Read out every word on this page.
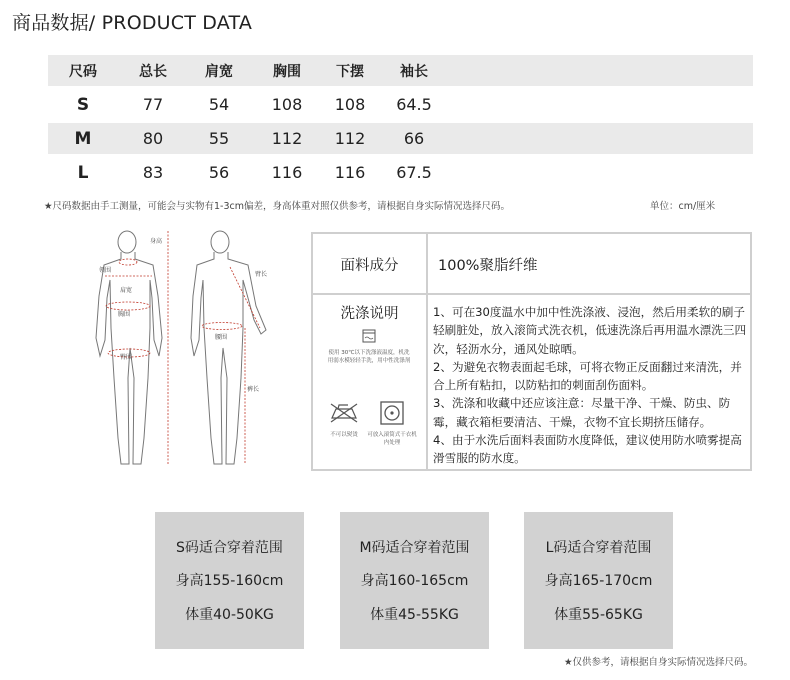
商品数据/ PRODUCT DATA
尺码	总长	肩宽	胸围	下摆	袖长
S	77	54	108	108	64.5
M	80	55	112	112	66
L	83	56	116	116	67.5
★尺码数据由手工测量，可能会与实物有1-3cm偏差，身高体重对照仅供参考，请根据自身实际情况选择尺码。	单位：cm/厘米
身高
领围
肩宽
胸围
臀围
臂长
腰围
裤长
面料成分	100%聚脂纤维
洗涤说明
使用 30℃以下洗涤液温度，机洗用弱水模轻轻手洗，用中性洗涤剂
不可以熨烫	可放入滚筒式干衣机内处理

1、可在30度温水中加中性洗涤液、浸泡，然后用柔软的刷子轻刷脏处，放入滚筒式洗衣机，低速洗涤后再用温水漂洗三四次，轻沥水分，通风处晾晒。

2、为避免衣物表面起毛球，可将衣物正反面翻过来清洗，并合上所有粘扣，以防粘扣的刺面刮伤面料。

3、洗涤和收藏中还应该注意：尽量干净、干燥、防虫、防霉，藏衣箱柜要清洁、干燥，衣物不宜长期挤压储存。

4、由于水洗后面料表面防水度降低，建议使用防水喷雾提高滑雪服的防水度。

S码适合穿着范围
身高155-160cm
体重40-50KG
M码适合穿着范围
身高160-165cm
体重45-55KG
L码适合穿着范围
身高165-170cm
体重55-65KG
★仅供参考，请根据自身实际情况选择尺码。
